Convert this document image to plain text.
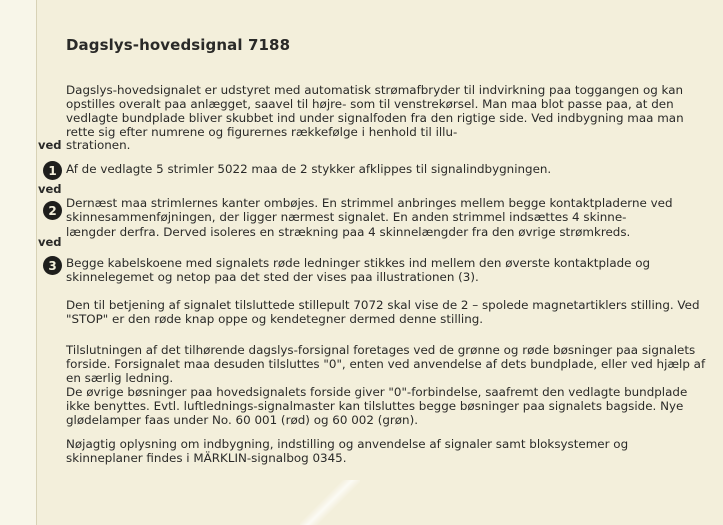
Dagslys-hovedsignal 7188

Dagslys-hovedsignalet er udstyret med automatisk strømafbryder til indvirkning paa toggangen og kan opstilles overalt paa anlægget, saavel til højre- som til venstrekørsel. Man maa blot passe paa, at den vedlagte bundplade bliver skubbet ind under signalfoden fra den rigtige side. Ved indbygning maa man rette sig efter numrene og figurernes rækkefølge i henhold til illu-

ved strationen.

1 Af de vedlagte 5 strimler 5022 maa de 2 stykker afklippes til signalindbygningen.

ved
2

Dernæst maa strimlernes kanter ombøjes. En strimmel anbringes mellem begge kontaktpladerne ved skinnesammenføjningen, der ligger nærmest signalet. En anden strimmel indsættes 4 skinne-

ved

længder derfra. Derved isoleres en strækning paa 4 skinnelængder fra den øvrige strømkreds.

3 Begge kabelskoene med signalets røde ledninger stikkes ind mellem den øverste kontaktplade og skinnelegemet og netop paa det sted der vises paa illustrationen (3).

Den til betjening af signalet tilsluttede stillepult 7072 skal vise de 2 – spolede magnetartiklers stilling. Ved "STOP" er den røde knap oppe og kendetegner dermed denne stilling.

Tilslutningen af det tilhørende dagslys-forsignal foretages ved de grønne og røde bøsninger paa signalets forside. Forsignalet maa desuden tilsluttes "0", enten ved anvendelse af dets bundplade, eller ved hjælp af en særlig ledning.

De øvrige bøsninger paa hovedsignalets forside giver "0"-forbindelse, saafremt den vedlagte bundplade ikke benyttes. Evtl. luftlednings-signalmaster kan tilsluttes begge bøsninger paa signalets bagside. Nye glødelamper faas under No. 60 001 (rød) og 60 002 (grøn).

Nøjagtig oplysning om indbygning, indstilling og anvendelse af signaler samt bloksystemer og skinneplaner findes i MÄRKLIN-signalbog 0345.
